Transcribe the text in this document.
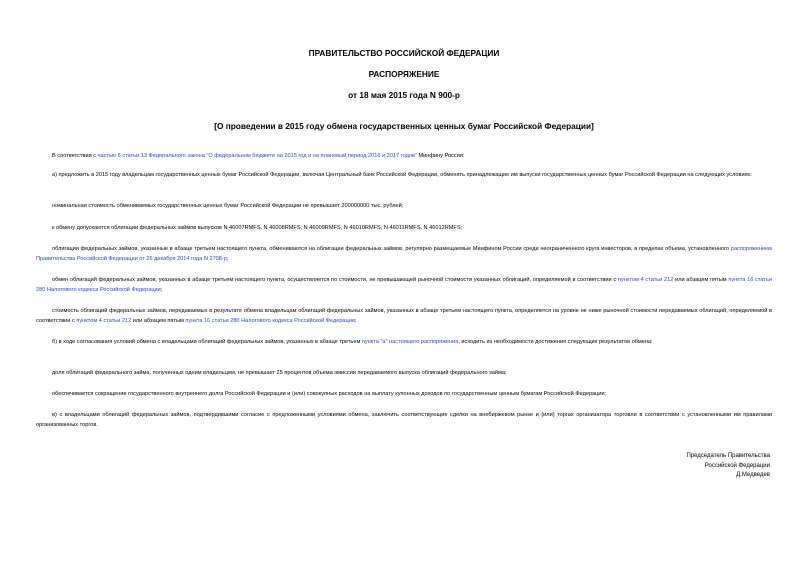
ПРАВИТЕЛЬСТВО РОССИЙСКОЙ ФЕДЕРАЦИИ
РАСПОРЯЖЕНИЕ
от 18 мая 2015 года N 900-р
[О проведении в 2015 году обмена государственных ценных бумаг Российской Федерации]
В соответствии с частью 6 статьи 13 Федерального закона "О федеральном бюджете на 2015 год и на плановый период 2016 и 2017 годов" Минфину России:
а) предложить в 2015 году владельцам государственных ценных бумаг Российской Федерации, включая Центральный банк Российской Федерации, обменять принадлежащие им выпуски государственных ценных бумаг Российской Федерации на следующих условиях:
номинальная стоимость обмениваемых государственных ценных бумаг Российской Федерации не превышает 200000000 тыс. рублей;
к обмену допускаются облигации федеральных займов выпусков N 46007RMFS, N 46008RMFS, N 46009RMFS, N 46010RMFS, N 46011RMFS, N 46012RMFS;
облигации федеральных займов, указанные в абзаце третьем настоящего пункта, обмениваются на облигации федеральных займов, регулярно размещаемые Минфином России среди неограниченного круга инвесторов, в пределах объема, установленного распоряжением Правительства Российской Федерации от 26 декабря 2014 года N 2708-р;
обмен облигаций федеральных займов, указанных в абзаце третьем настоящего пункта, осуществляется по стоимости, не превышающей рыночной стоимости указанных облигаций, определяемой в соответствии с пунктом 4 статьи 212 или абзацем пятым пункта 16 статьи 280 Налогового кодекса Российской Федерации;
стоимость облигаций федеральных займов, передаваемых в результате обмена владельцам облигаций федеральных займов, указанных в абзаце третьем настоящего пункта, определяется на уровне не ниже рыночной стоимости передаваемых облигаций, определяемой в соответствии с пунктом 4 статьи 212 или абзацем пятым пункта 16 статьи 280 Налогового кодекса Российской Федерации;
б) в ходе согласования условий обмена с владельцами облигаций федеральных займов, указанных в абзаце третьем пункта "а" настоящего распоряжения, исходить из необходимости достижения следующих результатов обмена:
доля облигаций федерального займа, полученных одним владельцем, не превышает 25 процентов объема эмиссии передаваемого выпуска облигаций федерального займа;
обеспечивается сокращение государственного внутреннего долга Российской Федерации и (или) совокупных расходов на выплату купонных доходов по государственным ценным бумагам Российской Федерации;
в) с владельцами облигаций федеральных займов, подтвердившими согласие с предложенными условиями обмена, заключить соответствующие сделки на внебиржевом рынке и (или) торгах организатора торговли в соответствии с установленными им правилами организованных торгов.
Председатель Правительства
Российской Федерации
Д.Медведев
